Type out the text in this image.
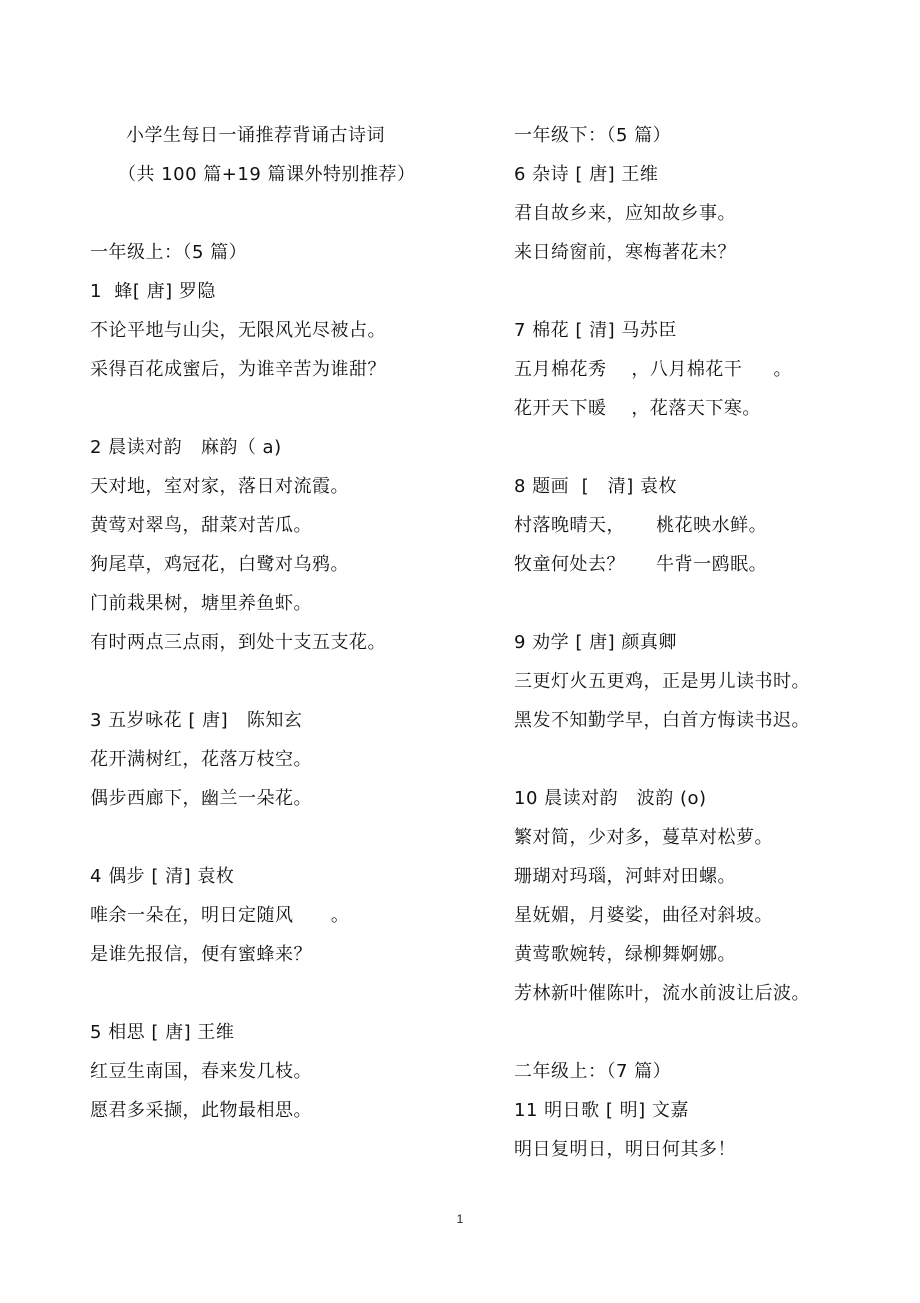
小学生每日一诵推荐背诵古诗词
（共 100 篇+19 篇课外特别推荐）
一年级上：（5 篇）
1  蜂[ 唐] 罗隐
不论平地与山尖，无限风光尽被占。
采得百花成蜜后，为谁辛苦为谁甜？
2 晨读对韵   麻韵（ a)
天对地，室对家，落日对流霞。
黄莺对翠鸟，甜菜对苦瓜。
狗尾草，鸡冠花，白鹭对乌鸦。
门前栽果树，塘里养鱼虾。
有时两点三点雨，到处十支五支花。
3 五岁咏花 [ 唐]   陈知玄
花开满树红，花落万枝空。
偶步西廊下，幽兰一朵花。
4 偶步 [ 清] 袁枚
唯余一朵在，明日定随风      。
是谁先报信，便有蜜蜂来？
5 相思 [ 唐] 王维
红豆生南国，春来发几枝。
愿君多采撷，此物最相思。
一年级下：（5 篇）
6 杂诗 [ 唐] 王维
君自故乡来，应知故乡事。
来日绮窗前，寒梅著花未？
7 棉花 [ 清] 马苏臣
五月棉花秀    ，八月棉花干     。
花开天下暖    ，花落天下寒。
8 题画  [   清] 袁枚
村落晚晴天，     桃花映水鲜。
牧童何处去？     牛背一鸥眠。
9 劝学 [ 唐] 颜真卿
三更灯火五更鸡，正是男儿读书时。
黑发不知勤学早，白首方悔读书迟。
10 晨读对韵   波韵 (o)
繁对简，少对多，蔓草对松萝。
珊瑚对玛瑙，河蚌对田螺。
星妩媚，月婆娑，曲径对斜坡。
黄莺歌婉转，绿柳舞婀娜。
芳林新叶催陈叶，流水前波让后波。
二年级上：（7 篇）
11 明日歌 [ 明] 文嘉
明日复明日，明日何其多！
1
